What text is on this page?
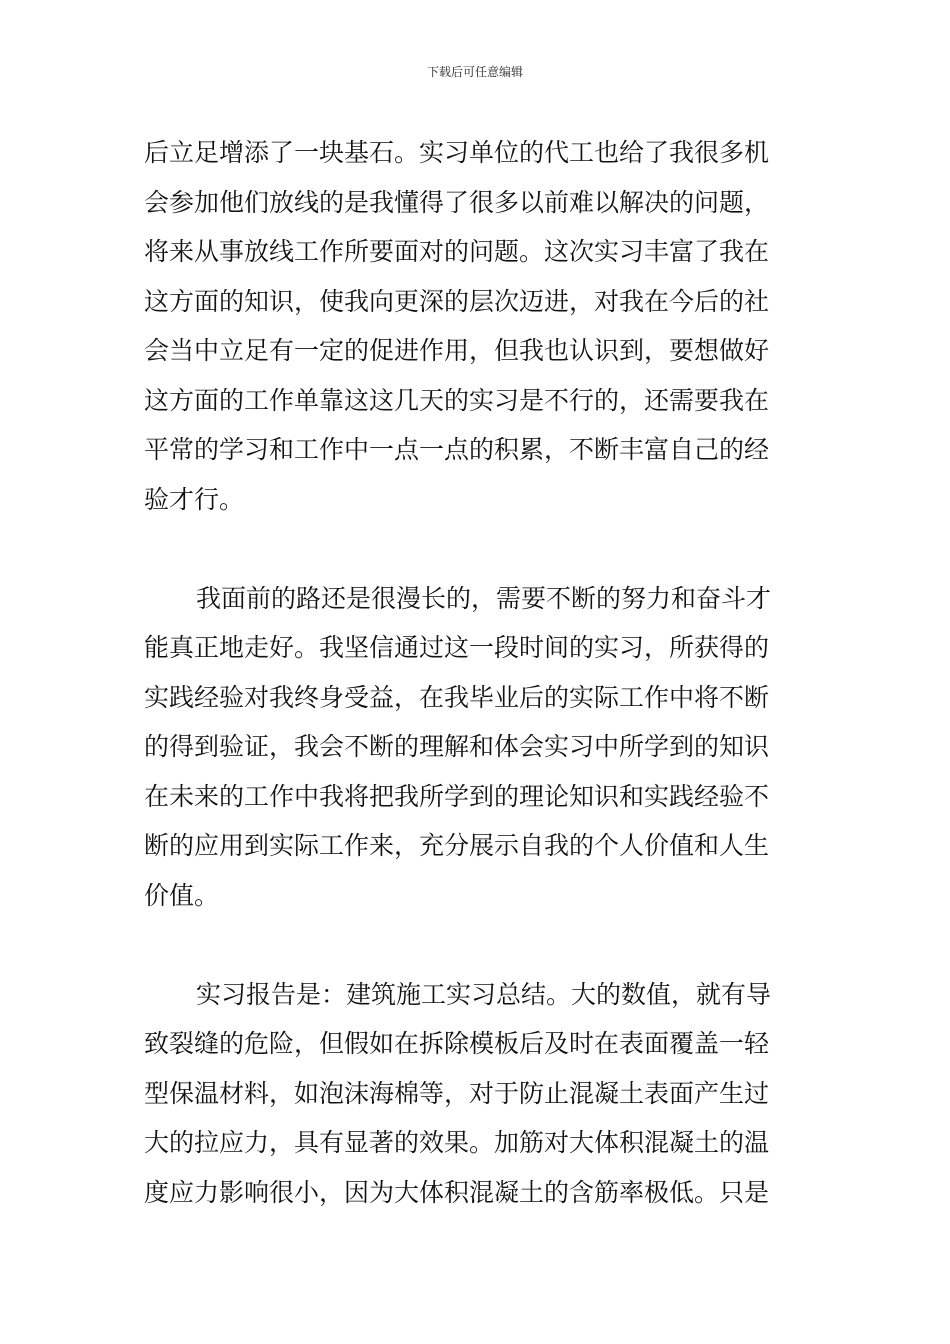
下载后可任意编辑
后立足增添了一块基石。实习单位的代工也给了我很多机
会参加他们放线的是我懂得了很多以前难以解决的问题，
将来从事放线工作所要面对的问题。这次实习丰富了我在
这方面的知识，使我向更深的层次迈进，对我在今后的社
会当中立足有一定的促进作用，但我也认识到，要想做好
这方面的工作单靠这这几天的实习是不行的，还需要我在
平常的学习和工作中一点一点的积累，不断丰富自己的经
验才行。
我面前的路还是很漫长的，需要不断的努力和奋斗才
能真正地走好。我坚信通过这一段时间的实习，所获得的
实践经验对我终身受益，在我毕业后的实际工作中将不断
的得到验证，我会不断的理解和体会实习中所学到的知识
在未来的工作中我将把我所学到的理论知识和实践经验不
断的应用到实际工作来，充分展示自我的个人价值和人生
价值。
实习报告是：建筑施工实习总结。大的数值，就有导
致裂缝的危险，但假如在拆除模板后及时在表面覆盖一轻
型保温材料，如泡沫海棉等，对于防止混凝土表面产生过
大的拉应力，具有显著的效果。加筋对大体积混凝土的温
度应力影响很小，因为大体积混凝土的含筋率极低。只是
